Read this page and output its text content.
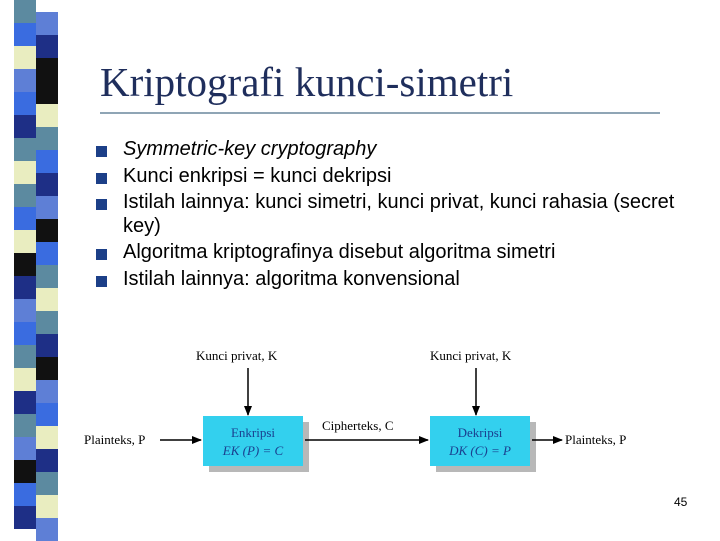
Kriptografi kunci-simetri
Symmetric-key cryptography
Kunci enkripsi = kunci dekripsi
Istilah lainnya: kunci simetri, kunci privat, kunci rahasia (secret key)
Algoritma kriptografinya disebut algoritma simetri
Istilah lainnya: algoritma konvensional
Kunci privat, K	Kunci privat, K
Enkripsi
EK (P) = C
Dekripsi
DK (C) = P
Plainteks, P
Cipherteks, C
Plainteks, P
45
